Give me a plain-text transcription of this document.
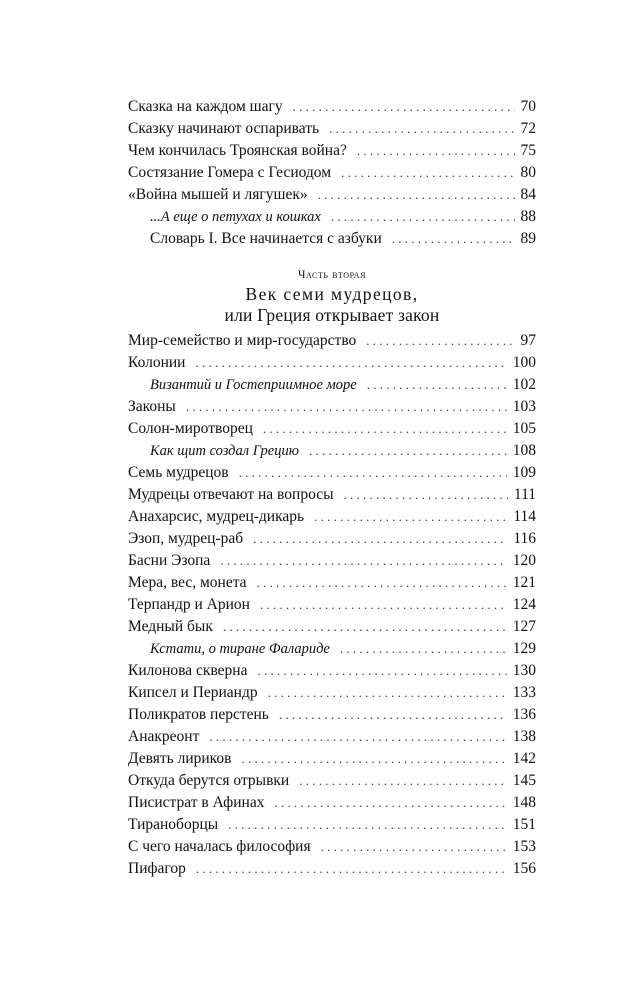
Сказка на каждом шагу . . .	70
Сказку начинают оспаривать . . .	72
Чем кончилась Троянская война? . . .	75
Состязание Гомера с Гесиодом . . .	80
«Война мышей и лягушек» . . .	84
...А еще о петухах и кошках . . .	88
Словарь I. Все начинается с азбуки . . .	89
Часть вторая
Век семи мудрецов,
или Греция открывает закон
Мир-семейство и мир-государство . . .	97
Колонии . . .	100
Византий и Гостеприимное море . . .	102
Законы . . .	103
Солон-миротворец . . .	105
Как щит создал Грецию . . .	108
Семь мудрецов . . .	109
Мудрецы отвечают на вопросы . . .	111
Анахарсис, мудрец-дикарь . . .	114
Эзоп, мудрец-раб . . .	116
Басни Эзопа . . .	120
Мера, вес, монета . . .	121
Терпандр и Арион . . .	124
Медный бык . . .	127
Кстати, о тиране Фаларидe . . .	129
Килонова скверна . . .	130
Кипсел и Периандр . . .	133
Поликратов перстень . . .	136
Анакреонт . . .	138
Девять лириков . . .	142
Откуда берутся отрывки . . .	145
Писистрат в Афинах . . .	148
Тираноборцы . . .	151
С чего началась философия . . .	153
Пифагор . . .	156
